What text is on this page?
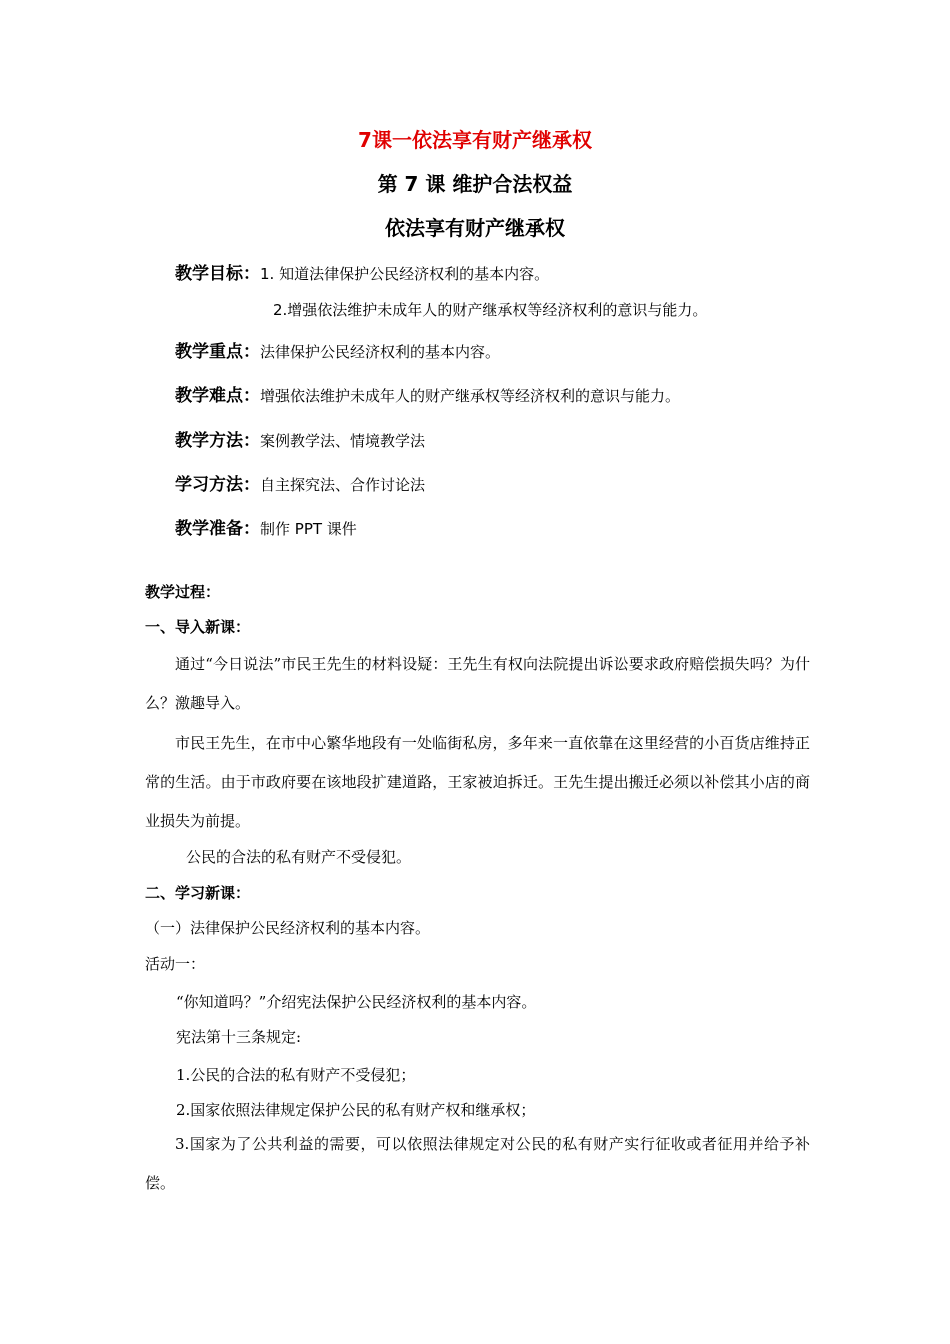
7课一依法享有财产继承权
第 7 课 维护合法权益
依法享有财产继承权
教学目标：1. 知道法律保护公民经济权利的基本内容。
2.增强依法维护未成年人的财产继承权等经济权利的意识与能力。
教学重点：法律保护公民经济权利的基本内容。
教学难点：增强依法维护未成年人的财产继承权等经济权利的意识与能力。
教学方法：案例教学法、情境教学法
学习方法：自主探究法、合作讨论法
教学准备：制作 PPT 课件
教学过程：
一、导入新课：
通过“今日说法”市民王先生的材料设疑：王先生有权向法院提出诉讼要求政府赔偿损失吗？为什么？激趣导入。
市民王先生，在市中心繁华地段有一处临街私房，多年来一直依靠在这里经营的小百货店维持正常的生活。由于市政府要在该地段扩建道路，王家被迫拆迁。王先生提出搬迁必须以补偿其小店的商业损失为前提。
公民的合法的私有财产不受侵犯。
二、学习新课：
（一）法律保护公民经济权利的基本内容。
活动一：
“你知道吗？”介绍宪法保护公民经济权利的基本内容。
宪法第十三条规定:
1.公民的合法的私有财产不受侵犯；
2.国家依照法律规定保护公民的私有财产权和继承权；
3.国家为了公共利益的需要，可以依照法律规定对公民的私有财产实行征收或者征用并给予补偿。
